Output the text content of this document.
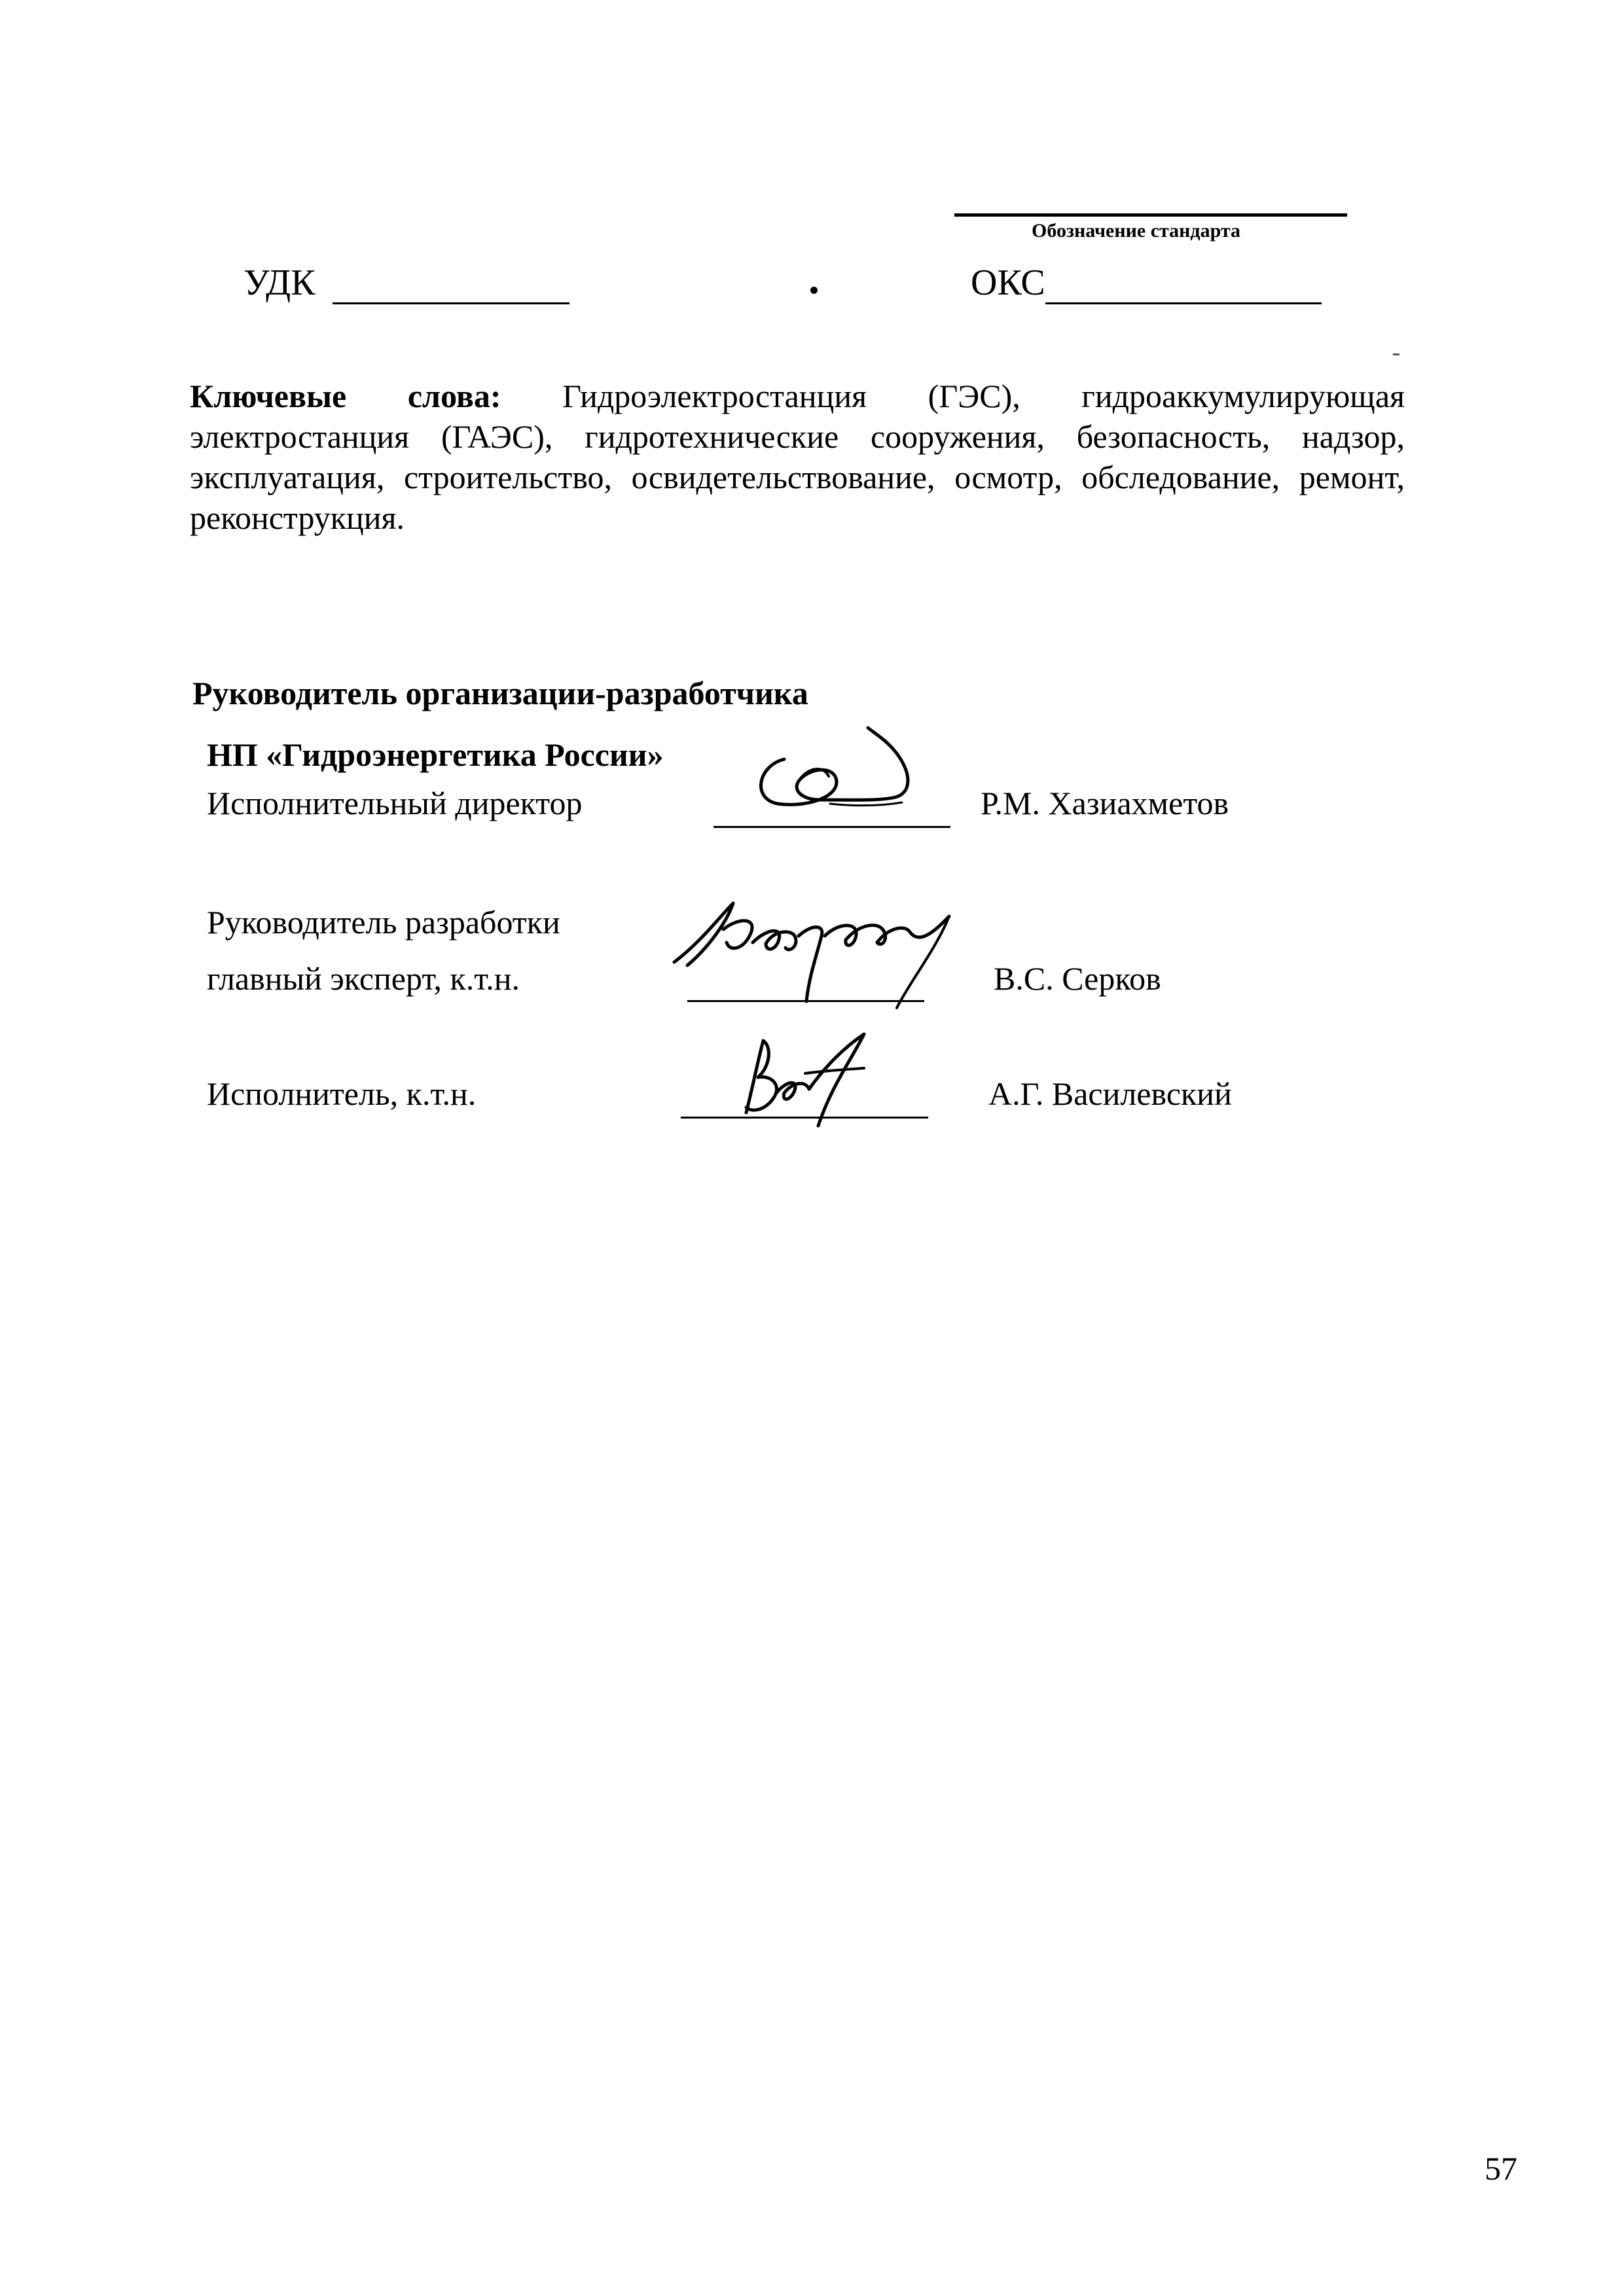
Обозначение стандарта
УДК	ОКС
Ключевые слова: Гидроэлектростанция (ГЭС), гидроаккумулирующая электростанция (ГАЭС), гидротехнические сооружения, безопасность, надзор, эксплуатация, строительство, освидетельствование, осмотр, обследование, ремонт, реконструкция.
Руководитель организации-разработчика
НП «Гидроэнергетика России»
Исполнительный директор	Р.М. Хазиахметов
Руководитель разработки
главный эксперт, к.т.н.	В.С. Серков
Исполнитель, к.т.н.	А.Г. Василевский
57
